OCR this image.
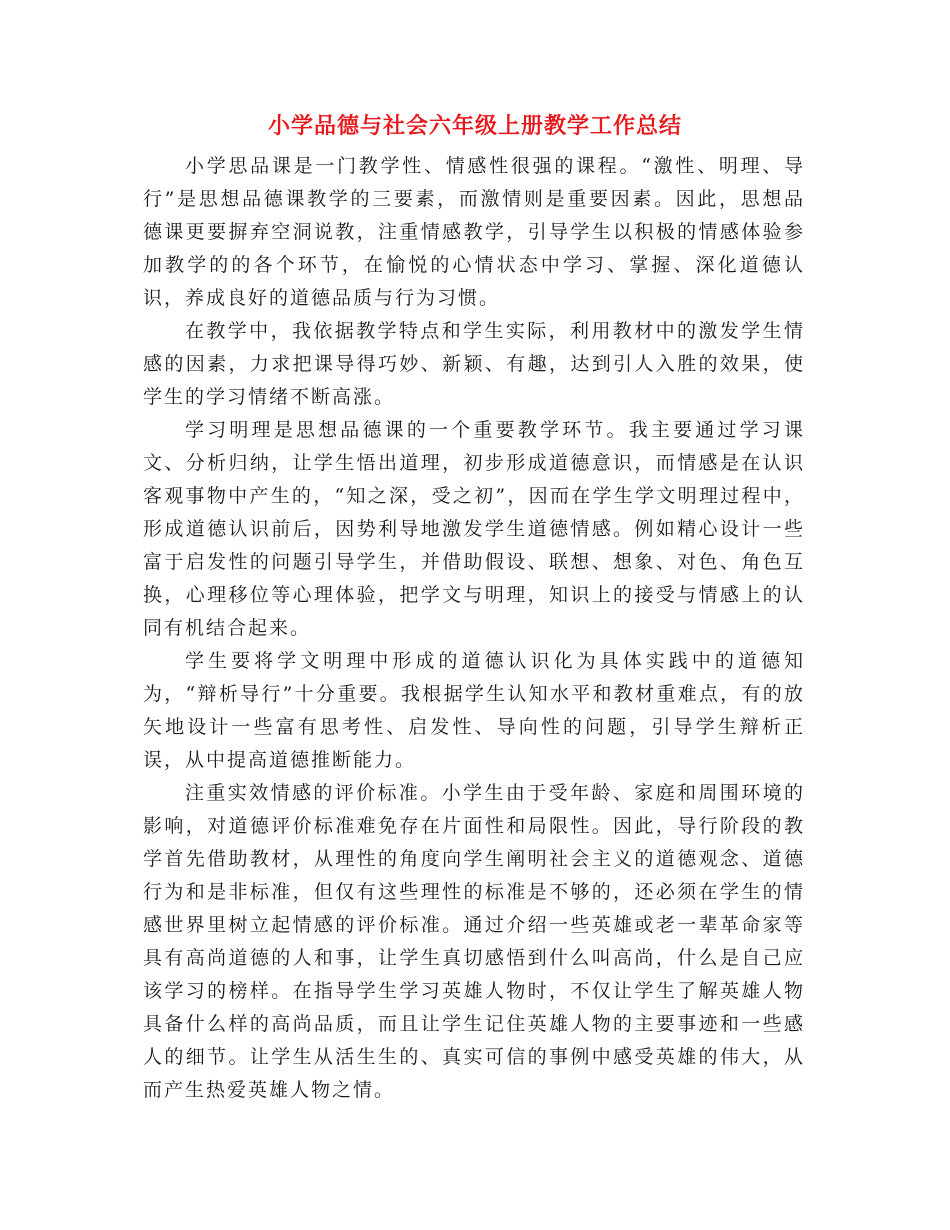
小学品德与社会六年级上册教学工作总结

小学思品课是一门教学性、情感性很强的课程。“激性、明理、导行”是思想品德课教学的三要素，而激情则是重要因素。因此，思想品德课更要摒弃空洞说教，注重情感教学，引导学生以积极的情感体验参加教学的的各个环节，在愉悦的心情状态中学习、掌握、深化道德认识，养成良好的道德品质与行为习惯。

在教学中，我依据教学特点和学生实际，利用教材中的激发学生情感的因素，力求把课导得巧妙、新颖、有趣，达到引人入胜的效果，使学生的学习情绪不断高涨。

学习明理是思想品德课的一个重要教学环节。我主要通过学习课文、分析归纳，让学生悟出道理，初步形成道德意识，而情感是在认识客观事物中产生的，“知之深，受之初”，因而在学生学文明理过程中，形成道德认识前后，因势利导地激发学生道德情感。例如精心设计一些富于启发性的问题引导学生，并借助假设、联想、想象、对色、角色互换，心理移位等心理体验，把学文与明理，知识上的接受与情感上的认同有机结合起来。

学生要将学文明理中形成的道德认识化为具体实践中的道德知为，“辩析导行”十分重要。我根据学生认知水平和教材重难点，有的放矢地设计一些富有思考性、启发性、导向性的问题，引导学生辩析正误，从中提高道德推断能力。

注重实效情感的评价标准。小学生由于受年龄、家庭和周围环境的影响，对道德评价标准难免存在片面性和局限性。因此，导行阶段的教学首先借助教材，从理性的角度向学生阐明社会主义的道德观念、道德行为和是非标准，但仅有这些理性的标准是不够的，还必须在学生的情感世界里树立起情感的评价标准。通过介绍一些英雄或老一辈革命家等具有高尚道德的人和事，让学生真切感悟到什么叫高尚，什么是自己应该学习的榜样。在指导学生学习英雄人物时，不仅让学生了解英雄人物具备什么样的高尚品质，而且让学生记住英雄人物的主要事迹和一些感人的细节。让学生从活生生的、真实可信的事例中感受英雄的伟大，从而产生热爱英雄人物之情。
